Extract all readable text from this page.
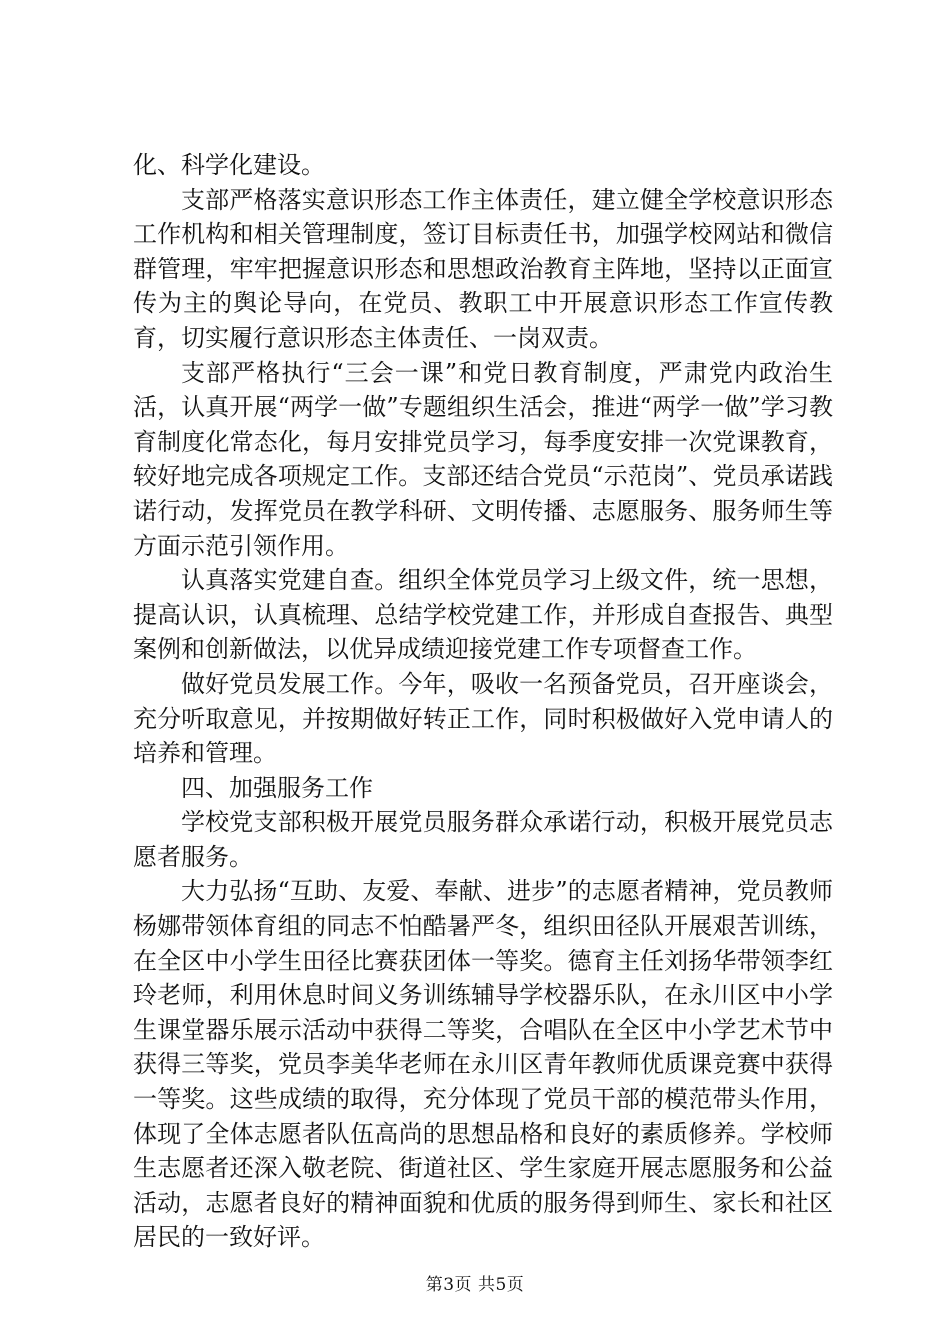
化、科学化建设。

支部严格落实意识形态工作主体责任，建立健全学校意识形态工作机构和相关管理制度，签订目标责任书，加强学校网站和微信群管理，牢牢把握意识形态和思想政治教育主阵地，坚持以正面宣传为主的舆论导向，在党员、教职工中开展意识形态工作宣传教育，切实履行意识形态主体责任、一岗双责。

支部严格执行“三会一课”和党日教育制度，严肃党内政治生活，认真开展“两学一做”专题组织生活会，推进“两学一做”学习教育制度化常态化，每月安排党员学习，每季度安排一次党课教育，较好地完成各项规定工作。支部还结合党员“示范岗”、党员承诺践诺行动，发挥党员在教学科研、文明传播、志愿服务、服务师生等方面示范引领作用。

认真落实党建自查。组织全体党员学习上级文件，统一思想，提高认识，认真梳理、总结学校党建工作，并形成自查报告、典型案例和创新做法，以优异成绩迎接党建工作专项督查工作。

做好党员发展工作。今年，吸收一名预备党员，召开座谈会，充分听取意见，并按期做好转正工作，同时积极做好入党申请人的培养和管理。

四、加强服务工作

学校党支部积极开展党员服务群众承诺行动，积极开展党员志愿者服务。

大力弘扬“互助、友爱、奉献、进步”的志愿者精神，党员教师杨娜带领体育组的同志不怕酷暑严冬，组织田径队开展艰苦训练，在全区中小学生田径比赛获团体一等奖。德育主任刘扬华带领李红玲老师，利用休息时间义务训练辅导学校器乐队，在永川区中小学生课堂器乐展示活动中获得二等奖，合唱队在全区中小学艺术节中获得三等奖，党员李美华老师在永川区青年教师优质课竞赛中获得一等奖。这些成绩的取得，充分体现了党员干部的模范带头作用，体现了全体志愿者队伍高尚的思想品格和良好的素质修养。学校师生志愿者还深入敬老院、街道社区、学生家庭开展志愿服务和公益活动，志愿者良好的精神面貌和优质的服务得到师生、家长和社区居民的一致好评。

第3页 共5页
